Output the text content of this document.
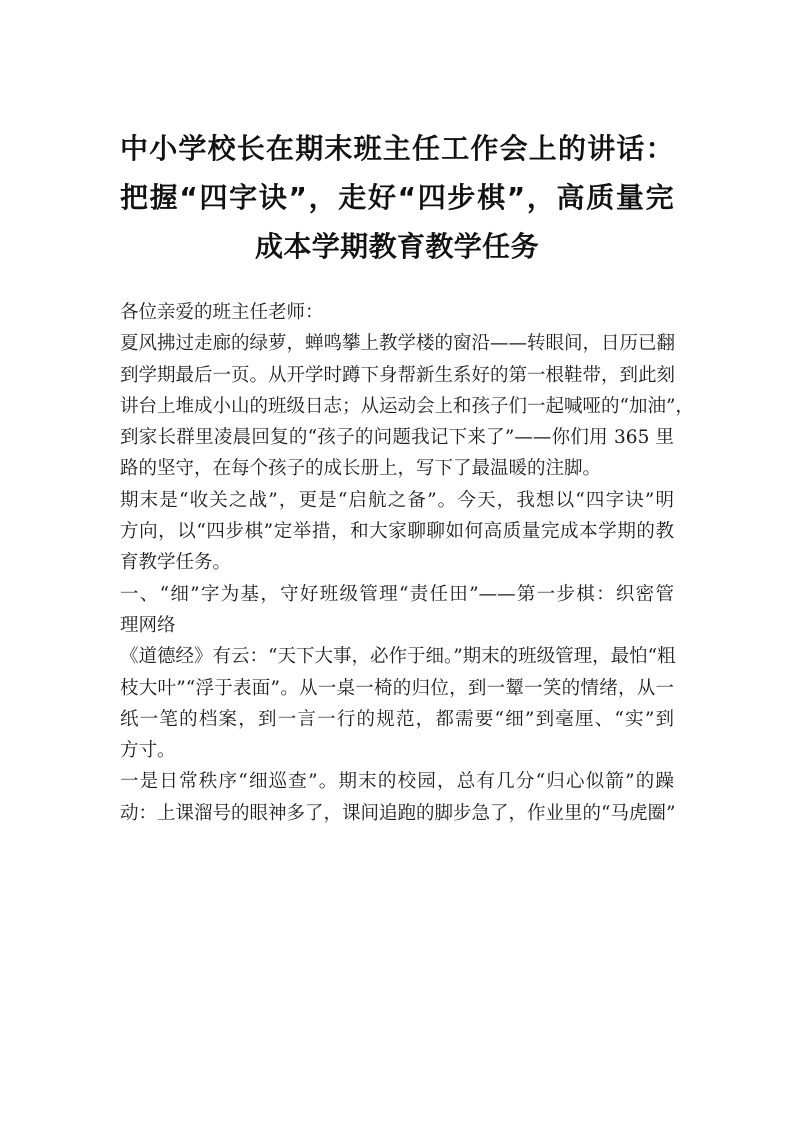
中小学校长在期末班主任工作会上的讲话：
把握“四字诀”，走好“四步棋”，高质量完
成本学期教育教学任务
各位亲爱的班主任老师：
夏风拂过走廊的绿萝，蝉鸣攀上教学楼的窗沿——转眼间，日历已翻
到学期最后一页。从开学时蹲下身帮新生系好的第一根鞋带，到此刻
讲台上堆成小山的班级日志；从运动会上和孩子们一起喊哑的“加油”，
到家长群里凌晨回复的“孩子的问题我记下来了”——你们用 365 里
路的坚守，在每个孩子的成长册上，写下了最温暖的注脚。
期末是“收关之战”，更是“启航之备”。今天，我想以“四字诀”明
方向，以“四步棋”定举措，和大家聊聊如何高质量完成本学期的教
育教学任务。
一、“细”字为基，守好班级管理“责任田”——第一步棋：织密管
理网络
《道德经》有云：“天下大事，必作于细。”期末的班级管理，最怕“粗
枝大叶”“浮于表面”。从一桌一椅的归位，到一颦一笑的情绪，从一
纸一笔的档案，到一言一行的规范，都需要“细”到毫厘、“实”到
方寸。
一是日常秩序“细巡查”。期末的校园，总有几分“归心似箭”的躁
动：上课溜号的眼神多了，课间追跑的脚步急了，作业里的“马虎圈”
